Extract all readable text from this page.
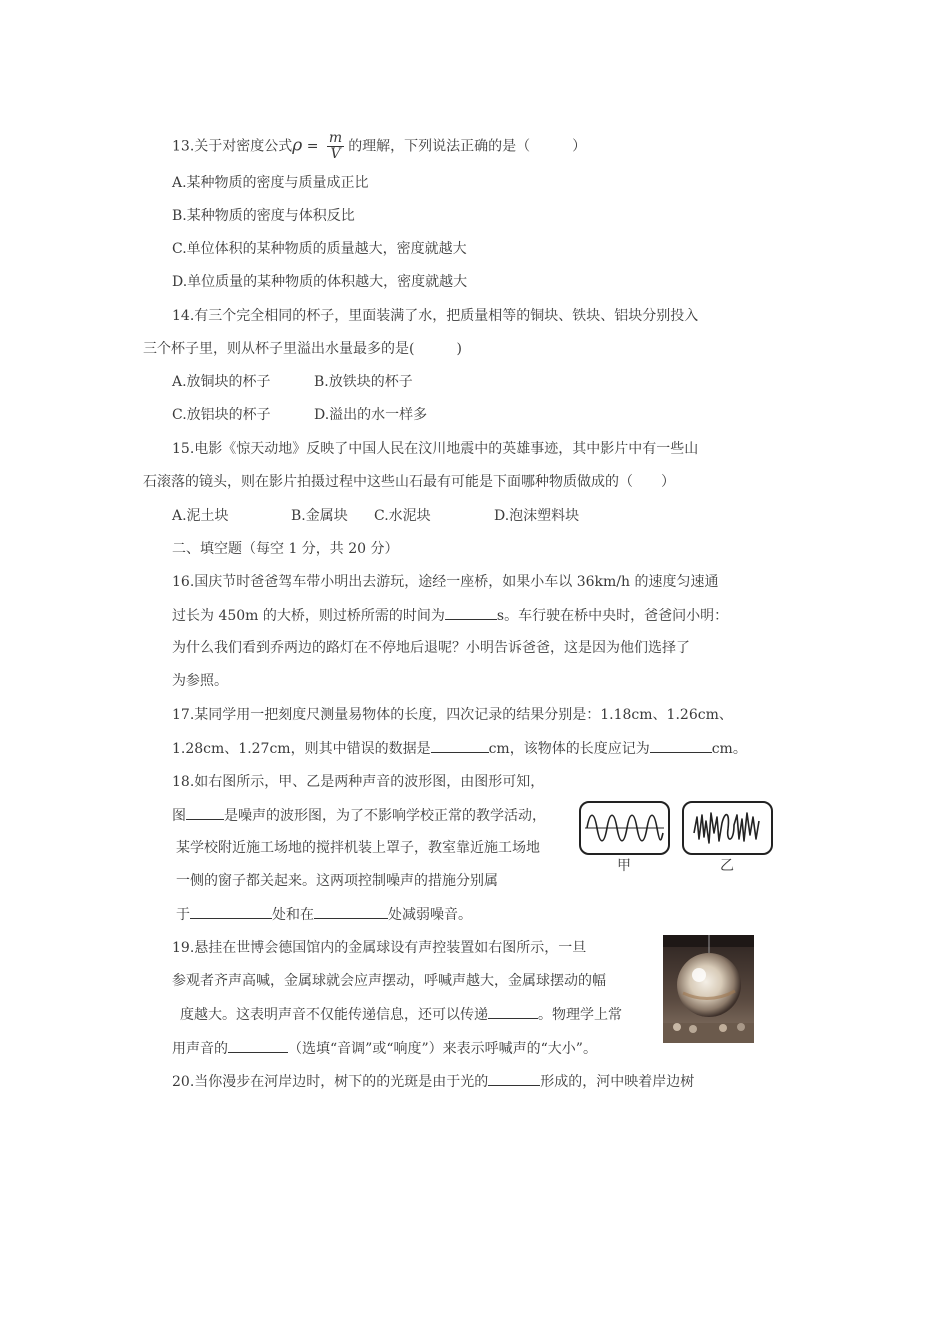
13.关于对密度公式$\rho = \frac{m}{V}$ 的理解，下列说法正确的是（　　　）
A.某种物质的密度与质量成正比
B.某种物质的密度与体积反比
C.单位体积的某种物质的质量越大，密度就越大
D.单位质量的某种物质的体积越大，密度就越大
14.有三个完全相同的杯子，里面装满了水，把质量相等的铜块、铁块、铝块分别投入
三个杯子里，则从杯子里溢出水量最多的是(　　　)
A.放铜块的杯子	B.放铁块的杯子
C.放铝块的杯子	D.溢出的水一样多
15.电影《惊天动地》反映了中国人民在汶川地震中的英雄事迹，其中影片中有一些山
石滚落的镜头，则在影片拍摄过程中这些山石最有可能是下面哪种物质做成的（　　）
A.泥土块	B.金属块 C.水泥块	D.泡沫塑料块
二、填空题（每空 1 分，共 20 分）
16.国庆节时爸爸驾车带小明出去游玩，途经一座桥，如果小车以 36km/h 的速度匀速通
过长为 450m 的大桥，则过桥所需的时间为	s。车行驶在桥中央时，爸爸问小明：
为什么我们看到乔两边的路灯在不停地后退呢？小明告诉爸爸，这是因为他们选择了
为参照。
17.某同学用一把刻度尺测量易物体的长度，四次记录的结果分别是：1.18cm、1.26cm、
1.28cm、1.27cm，则其中错误的数据是	cm，该物体的长度应记为	cm。
18.如右图所示，甲、乙是两种声音的波形图，由图形可知，
图	是噪声的波形图，为了不影响学校正常的教学活动，
某学校附近施工场地的搅拌机装上罩子，教室靠近施工场地
一侧的窗子都关起来。这两项控制噪声的措施分别属
于	处和在	处减弱噪音。
甲	乙
19.悬挂在世博会德国馆内的金属球设有声控装置如右图所示，一旦
参观者齐声高喊，金属球就会应声摆动，呼喊声越大，金属球摆动的幅
度越大。这表明声音不仅能传递信息，还可以传递	。物理学上常
用声音的	（选填“音调”或“响度”）来表示呼喊声的“大小”。
20.当你漫步在河岸边时，树下的的光斑是由于光的	形成的，河中映着岸边树
